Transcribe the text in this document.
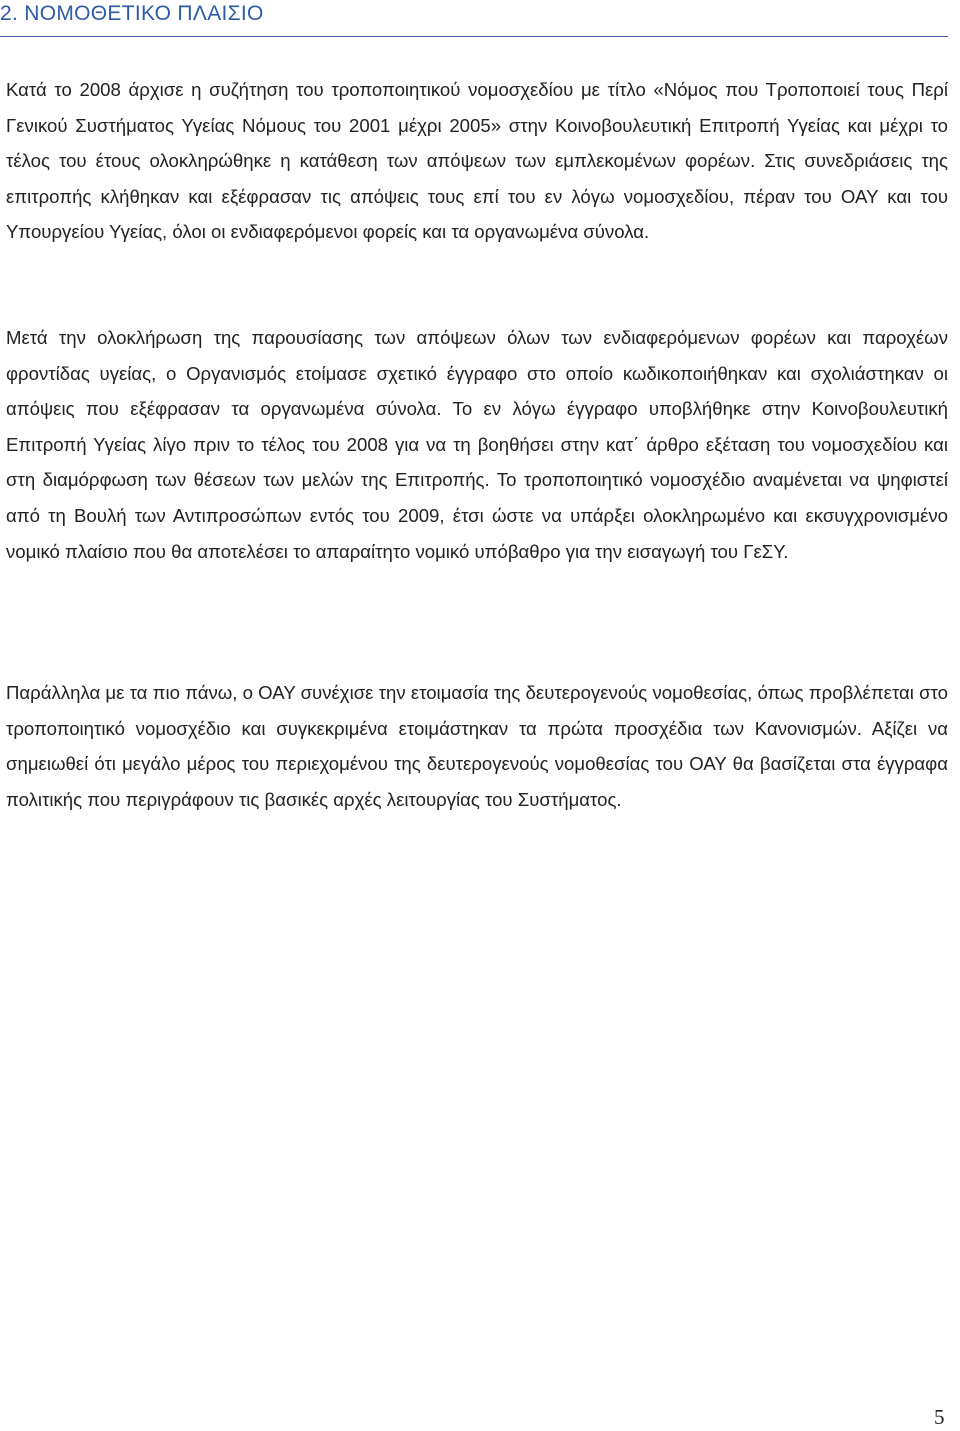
2. ΝΟΜΟΘΕΤΙΚΟ ΠΛΑΙΣΙΟ

Κατά το 2008 άρχισε η συζήτηση του τροποποιητικού νομοσχεδίου με τίτλο «Νόμος που Τροποποιεί τους Περί Γενικού Συστήματος Υγείας Νόμους του 2001 μέχρι 2005» στην Κοινοβουλευτική Επιτροπή Υγείας και μέχρι το τέλος του έτους ολοκληρώθηκε η κατάθεση των απόψεων των εμπλεκομένων φορέων. Στις συνεδριάσεις της επιτροπής κλήθηκαν και εξέφρασαν τις απόψεις τους επί του εν λόγω νομοσχεδίου, πέραν του ΟΑΥ και του Υπουργείου Υγείας, όλοι οι ενδιαφερόμενοι φορείς και τα οργανωμένα σύνολα.

Μετά την ολοκλήρωση της παρουσίασης των απόψεων όλων των ενδιαφερόμενων φορέων και παροχέων φροντίδας υγείας, ο Οργανισμός ετοίμασε σχετικό έγγραφο στο οποίο κωδικοποιήθηκαν και σχολιάστηκαν οι απόψεις που εξέφρασαν τα οργανωμένα σύνολα. Το εν λόγω έγγραφο υποβλήθηκε στην Κοινοβουλευτική Επιτροπή Υγείας λίγο πριν το τέλος του 2008 για να τη βοηθήσει στην κατ΄ άρθρο εξέταση του νομοσχεδίου και στη διαμόρφωση των θέσεων των μελών της Επιτροπής. Το τροποποιητικό νομοσχέδιο αναμένεται να ψηφιστεί από τη Βουλή των Αντιπροσώπων εντός του 2009, έτσι ώστε να υπάρξει ολοκληρωμένο και εκσυγχρονισμένο νομικό πλαίσιο που θα αποτελέσει το απαραίτητο νομικό υπόβαθρο για την εισαγωγή του ΓεΣΥ.

Παράλληλα με τα πιο πάνω, ο ΟΑΥ συνέχισε την ετοιμασία της δευτερογενούς νομοθεσίας, όπως προβλέπεται στο τροποποιητικό νομοσχέδιο και συγκεκριμένα ετοιμάστηκαν τα πρώτα προσχέδια των Κανονισμών. Αξίζει να σημειωθεί ότι μεγάλο μέρος του περιεχομένου της δευτερογενούς νομοθεσίας του ΟΑΥ θα βασίζεται στα έγγραφα πολιτικής που περιγράφουν τις βασικές αρχές λειτουργίας του Συστήματος.

5
